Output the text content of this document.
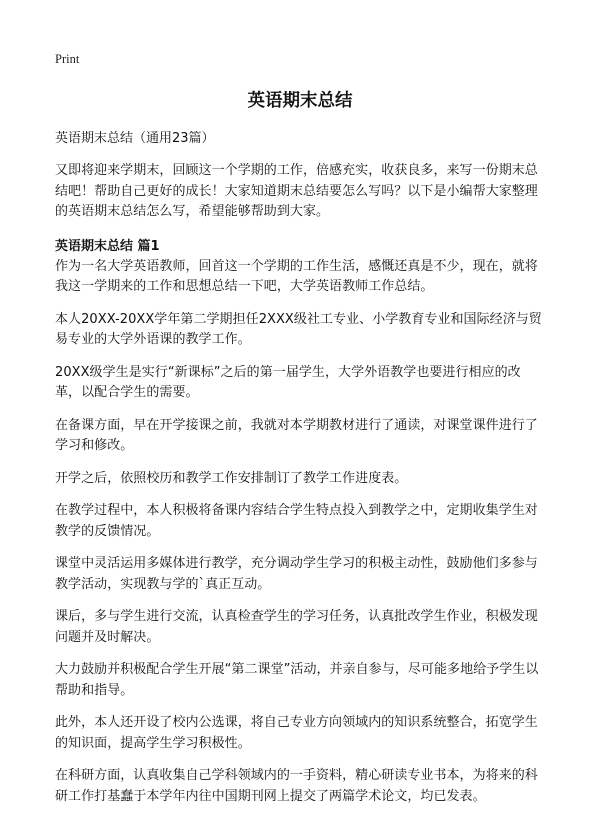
Print
英语期末总结

英语期末总结（通用23篇）

又即将迎来学期末，回顾这一个学期的工作，倍感充实，收获良多，来写一份期末总结吧！帮助自己更好的成长！大家知道期末总结要怎么写吗？以下是小编帮大家整理的英语期末总结怎么写，希望能够帮助到大家。

英语期末总结 篇1

作为一名大学英语教师，回首这一个学期的工作生活，感慨还真是不少，现在，就将我这一学期来的工作和思想总结一下吧，大学英语教师工作总结。

本人20XX-20XX学年第二学期担任2XXX级社工专业、小学教育专业和国际经济与贸易专业的大学外语课的教学工作。

20XX级学生是实行“新课标”之后的第一届学生，大学外语教学也要进行相应的改革，以配合学生的需要。

在备课方面，早在开学接课之前，我就对本学期教材进行了通读，对课堂课件进行了学习和修改。

开学之后，依照校历和教学工作安排制订了教学工作进度表。

在教学过程中，本人积极将备课内容结合学生特点投入到教学之中，定期收集学生对教学的反馈情况。

课堂中灵活运用多媒体进行教学，充分调动学生学习的积极主动性，鼓励他们多参与教学活动，实现教与学的`真正互动。

课后，多与学生进行交流，认真检查学生的学习任务，认真批改学生作业，积极发现问题并及时解决。

大力鼓励并积极配合学生开展“第二课堂”活动，并亲自参与，尽可能多地给予学生以帮助和指导。

此外，本人还开设了校内公选课，将自己专业方向领域内的知识系统整合，拓宽学生的知识面，提高学生学习积极性。

在科研方面，认真收集自己学科领域内的一手资料，精心研读专业书本，为将来的科研工作打基蠢于本学年内往中国期刊网上提交了两篇学术论文，均已发表。
